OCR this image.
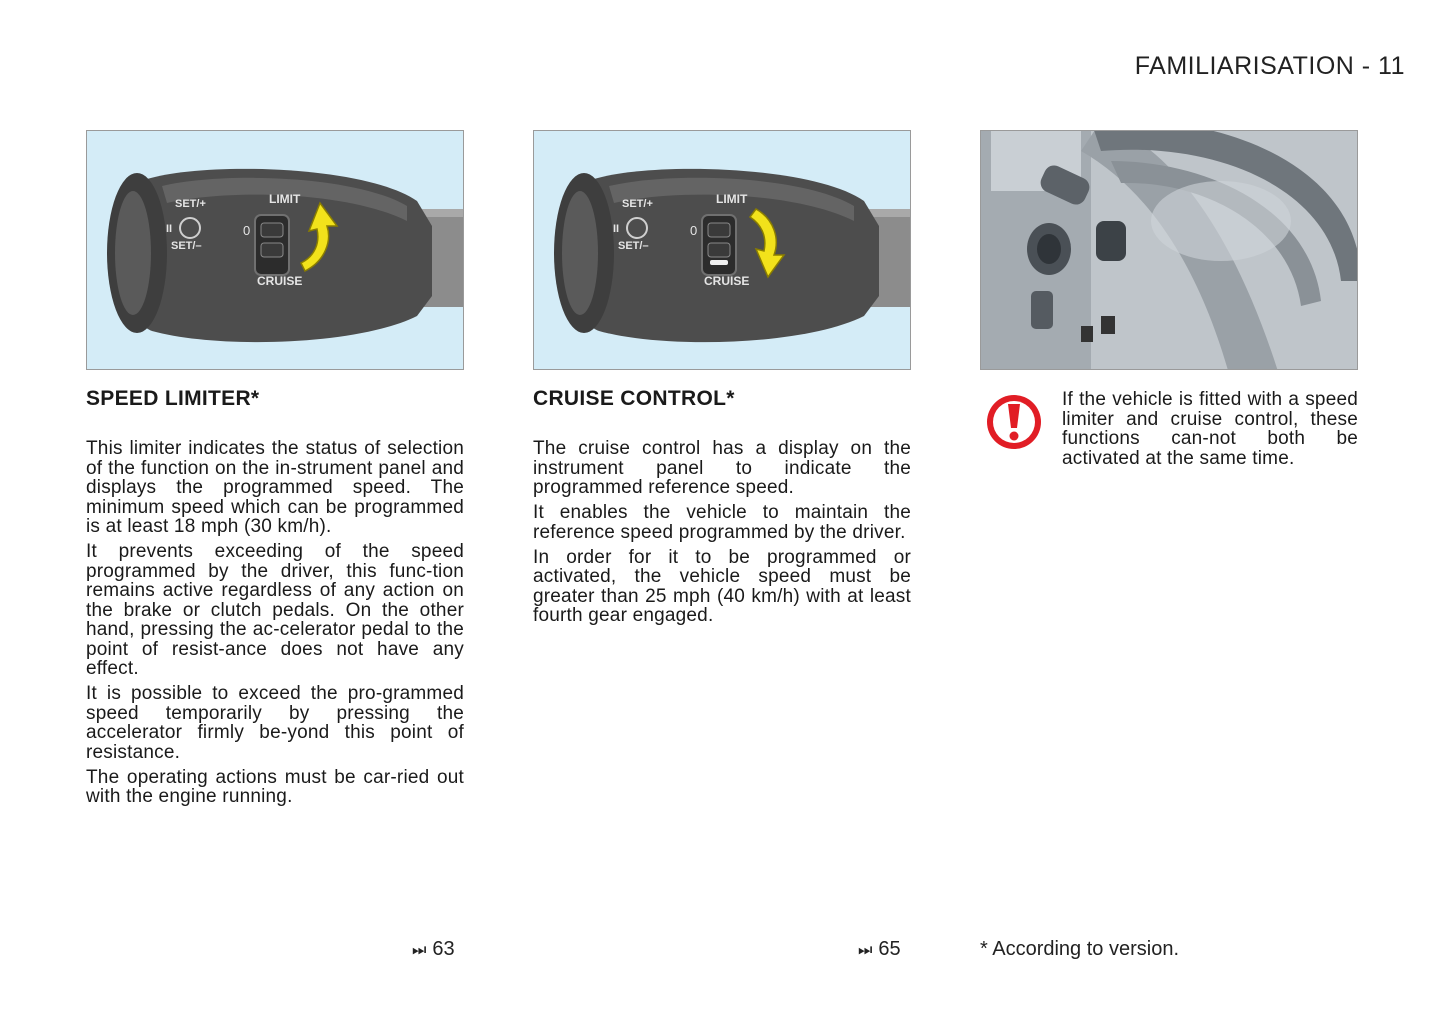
FAMILIARISATION - 11
SET/+
SET/–
II	0
LIMIT
CRUISE
SPEED LIMITER*

This limiter indicates the status of selection of the function on the in-strument panel and displays the programmed speed. The minimum speed which can be programmed is at least 18 mph (30 km/h).

It prevents exceeding of the speed programmed by the driver, this func-tion remains active regardless of any action on the brake or clutch pedals. On the other hand, pressing the ac-celerator pedal to the point of resist-ance does not have any effect.

It is possible to exceed the pro-grammed speed temporarily by pressing the accelerator firmly be-yond this point of resistance.

The operating actions must be car-ried out with the engine running.

SET/+
SET/–
II	0
LIMIT
CRUISE
CRUISE CONTROL*

The cruise control has a display on the instrument panel to indicate the programmed reference speed.

It enables the vehicle to maintain the reference speed programmed by the driver.

In order for it to be programmed or activated, the vehicle speed must be greater than 25 mph (40 km/h) with at least fourth gear engaged.

If the vehicle is fitted with a speed limiter and cruise control, these functions can-not both be activated at the same time.
⏭ 63	⏭ 65	* According to version.
